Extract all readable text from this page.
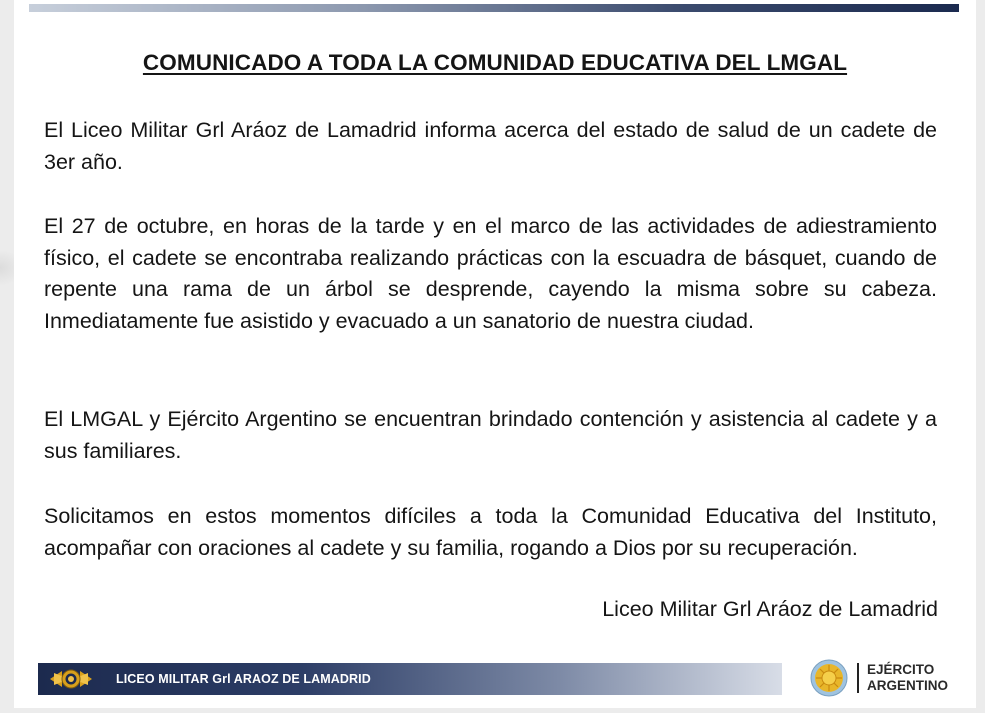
COMUNICADO A TODA LA COMUNIDAD EDUCATIVA DEL LMGAL

El Liceo Militar Grl Aráoz de Lamadrid informa acerca del estado de salud de un cadete de 3er año.

El 27 de octubre, en horas de la tarde y en el marco de las actividades de adiestramiento físico, el cadete se encontraba realizando prácticas con la escuadra de básquet, cuando de repente una rama de un árbol se desprende, cayendo la misma sobre su cabeza. Inmediatamente fue asistido y evacuado a un sanatorio de nuestra ciudad.

El LMGAL y Ejército Argentino se encuentran brindado contención y asistencia al cadete y a sus familiares.

Solicitamos en estos momentos difíciles a toda la Comunidad Educativa del Instituto, acompañar con oraciones al cadete y su familia, rogando a Dios por su recuperación.

Liceo Militar Grl Aráoz de Lamadrid

LICEO MILITAR Grl ARAOZ DE LAMADRID
EJÉRCITO
ARGENTINO
